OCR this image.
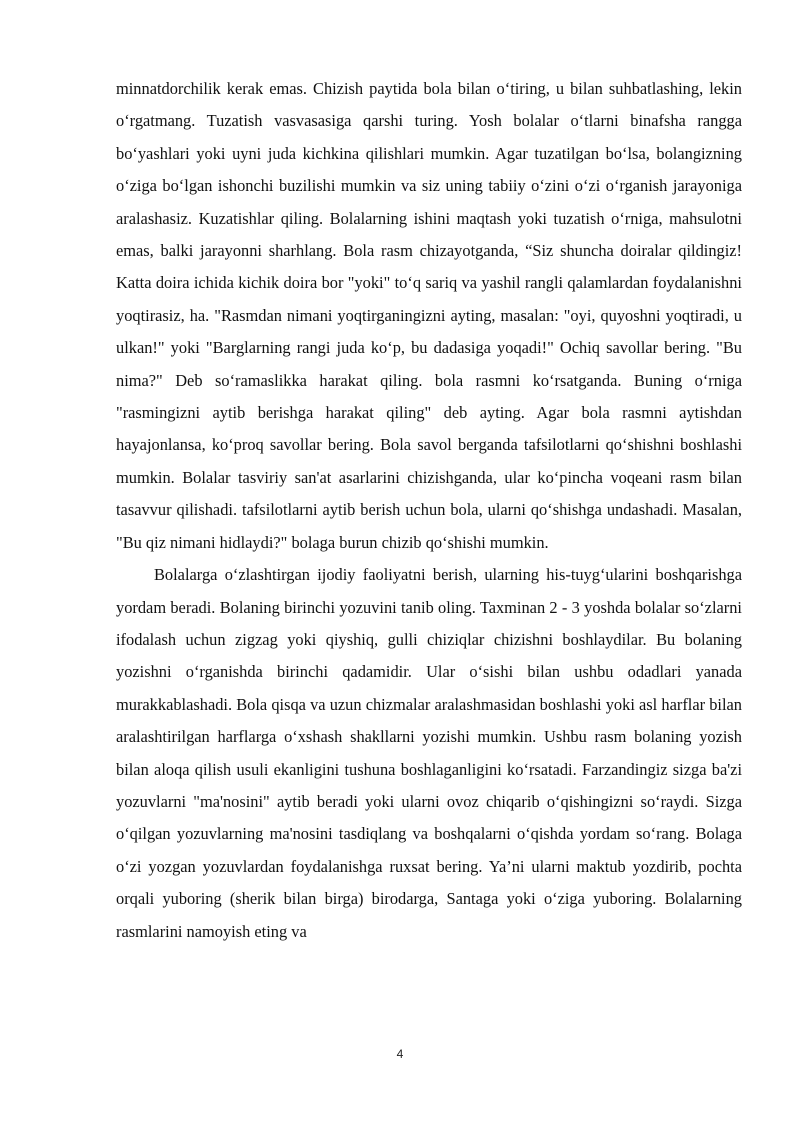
minnatdorchilik kerak emas. Chizish paytida bola bilan o‘tiring, u bilan suhbatlashing, lekin o‘rgatmang. Tuzatish vasvasasiga qarshi turing. Yosh bolalar o‘tlarni binafsha rangga bo‘yashlari yoki uyni juda kichkina qilishlari mumkin. Agar tuzatilgan bo‘lsa, bolangizning o‘ziga bo‘lgan ishonchi buzilishi mumkin va siz uning tabiiy o‘zini o‘zi o‘rganish jarayoniga aralashasiz. Kuzatishlar qiling. Bolalarning ishini maqtash yoki tuzatish o‘rniga, mahsulotni emas, balki jarayonni sharhlang. Bola rasm chizayotganda, “Siz shuncha doiralar qildingiz! Katta doira ichida kichik doira bor "yoki" to‘q sariq va yashil rangli qalamlardan foydalanishni yoqtirasiz, ha. "Rasmdan nimani yoqtirganingizni ayting, masalan: "oyi, quyoshni yoqtiradi, u ulkan!" yoki "Barglarning rangi juda ko‘p, bu dadasiga yoqadi!" Ochiq savollar bering. "Bu nima?" Deb so‘ramaslikka harakat qiling. bola rasmni ko‘rsatganda. Buning o‘rniga "rasmingizni aytib berishga harakat qiling" deb ayting. Agar bola rasmni aytishdan hayajonlansa, ko‘proq savollar bering. Bola savol berganda tafsilotlarni qo‘shishni boshlashi mumkin. Bolalar tasviriy san'at asarlarini chizishganda, ular ko‘pincha voqeani rasm bilan tasavvur qilishadi. tafsilotlarni aytib berish uchun bola, ularni qo‘shishga undashadi. Masalan, "Bu qiz nimani hidlaydi?" bolaga burun chizib qo‘shishi mumkin.

Bolalarga o‘zlashtirgan ijodiy faoliyatni berish, ularning his-tuyg‘ularini boshqarishga yordam beradi. Bolaning birinchi yozuvini tanib oling. Taxminan 2 - 3 yoshda bolalar so‘zlarni ifodalash uchun zigzag yoki qiyshiq, gulli chiziqlar chizishni boshlaydilar. Bu bolaning yozishni o‘rganishda birinchi qadamidir. Ular o‘sishi bilan ushbu odadlari yanada murakkablashadi. Bola qisqa va uzun chizmalar aralashmasidan boshlashi yoki asl harflar bilan aralashtirilgan harflarga o‘xshash shakllarni yozishi mumkin. Ushbu rasm bolaning yozish bilan aloqa qilish usuli ekanligini tushuna boshlaganligini ko‘rsatadi. Farzandingiz sizga ba'zi yozuvlarni "ma'nosini" aytib beradi yoki ularni ovoz chiqarib o‘qishingizni so‘raydi. Sizga o‘qilgan yozuvlarning ma'nosini tasdiqlang va boshqalarni o‘qishda yordam so‘rang. Bolaga o‘zi yozgan yozuvlardan foydalanishga ruxsat bering. Ya’ni ularni maktub yozdirib, pochta orqali yuboring (sherik bilan birga) birodarga, Santaga yoki o‘ziga yuboring. Bolalarning rasmlarini namoyish eting va

4
